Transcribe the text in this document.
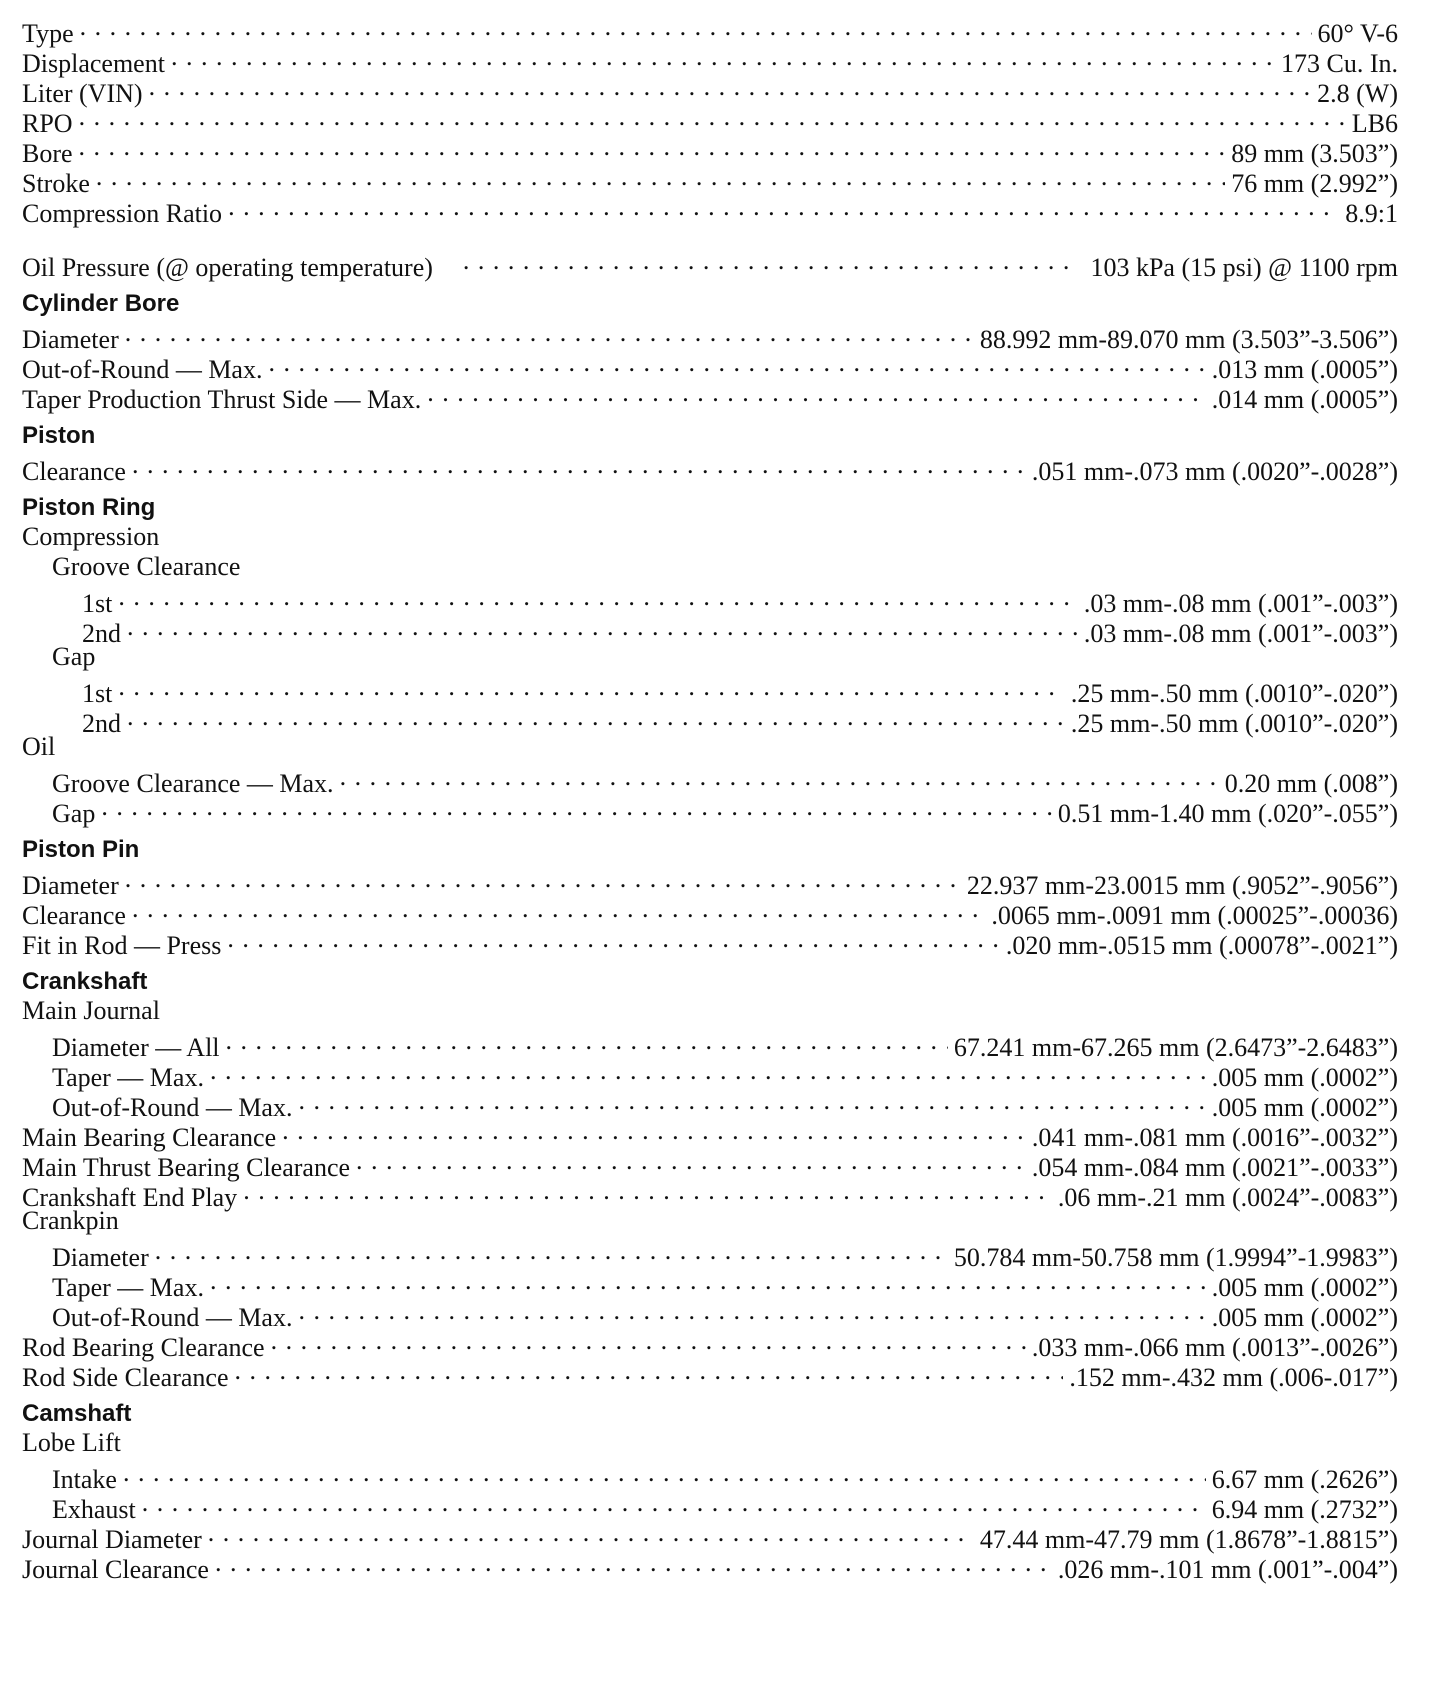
Type . . .	60° V-6
Displacement . . .	173 Cu. In.
Liter (VIN) . . .	2.8 (W)
RPO . . .	LB6
Bore . . .	89 mm (3.503”)
Stroke . . .	76 mm (2.992”)
Compression Ratio . . .	8.9:1
Oil Pressure (@ operating temperature) . . .	103 kPa (15 psi) @ 1100 rpm
Cylinder Bore
Diameter . . .	88.992 mm-89.070 mm (3.503”-3.506”)
Out-of-Round — Max. . . .	.013 mm (.0005”)
Taper Production Thrust Side — Max. . . .	.014 mm (.0005”)
Piston
Clearance . . .	.051 mm-.073 mm (.0020”-.0028”)
Piston Ring
Compression
Groove Clearance
1st . . .	.03 mm-.08 mm (.001”-.003”)
2nd . . .	.03 mm-.08 mm (.001”-.003”)
Gap
1st . . .	.25 mm-.50 mm (.0010”-.020”)
2nd . . .	.25 mm-.50 mm (.0010”-.020”)
Oil
Groove Clearance — Max. . . .	0.20 mm (.008”)
Gap . . .	0.51 mm-1.40 mm (.020”-.055”)
Piston Pin
Diameter . . .	22.937 mm-23.0015 mm (.9052”-.9056”)
Clearance . . .	.0065 mm-.0091 mm (.00025”-.00036)
Fit in Rod — Press . . .	.020 mm-.0515 mm (.00078”-.0021”)
Crankshaft
Main Journal
Diameter — All . . .	67.241 mm-67.265 mm (2.6473”-2.6483”)
Taper — Max. . . .	.005 mm (.0002”)
Out-of-Round — Max. . . .	.005 mm (.0002”)
Main Bearing Clearance . . .	.041 mm-.081 mm (.0016”-.0032”)
Main Thrust Bearing Clearance . . .	.054 mm-.084 mm (.0021”-.0033”)
Crankshaft End Play . . .	.06 mm-.21 mm (.0024”-.0083”)
Crankpin
Diameter . . .	50.784 mm-50.758 mm (1.9994”-1.9983”)
Taper — Max. . . .	.005 mm (.0002”)
Out-of-Round — Max. . . .	.005 mm (.0002”)
Rod Bearing Clearance . . .	.033 mm-.066 mm (.0013”-.0026”)
Rod Side Clearance . . .	.152 mm-.432 mm (.006-.017”)
Camshaft
Lobe Lift
Intake . . .	6.67 mm (.2626”)
Exhaust . . .	6.94 mm (.2732”)
Journal Diameter . . .	47.44 mm-47.79 mm (1.8678”-1.8815”)
Journal Clearance . . .	.026 mm-.101 mm (.001”-.004”)
